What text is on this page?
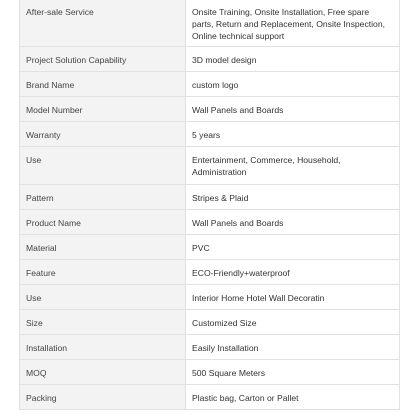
After-sale Service	Onsite Training, Onsite Installation, Free spare parts, Return and Replacement, Onsite Inspection, Online technical support
Project Solution Capability	3D model design
Brand Name	custom logo
Model Number	Wall Panels and Boards
Warranty	5 years
Use	Entertainment, Commerce, Household, Administration
Pattern	Stripes & Plaid
Product Name	Wall Panels and Boards
Material	PVC
Feature	ECO-Friendly+waterproof
Use	Interior Home Hotel Wall Decoratin
Size	Customized Size
Installation	Easily Installation
MOQ	500 Square Meters
Packing	Plastic bag, Carton or Pallet
